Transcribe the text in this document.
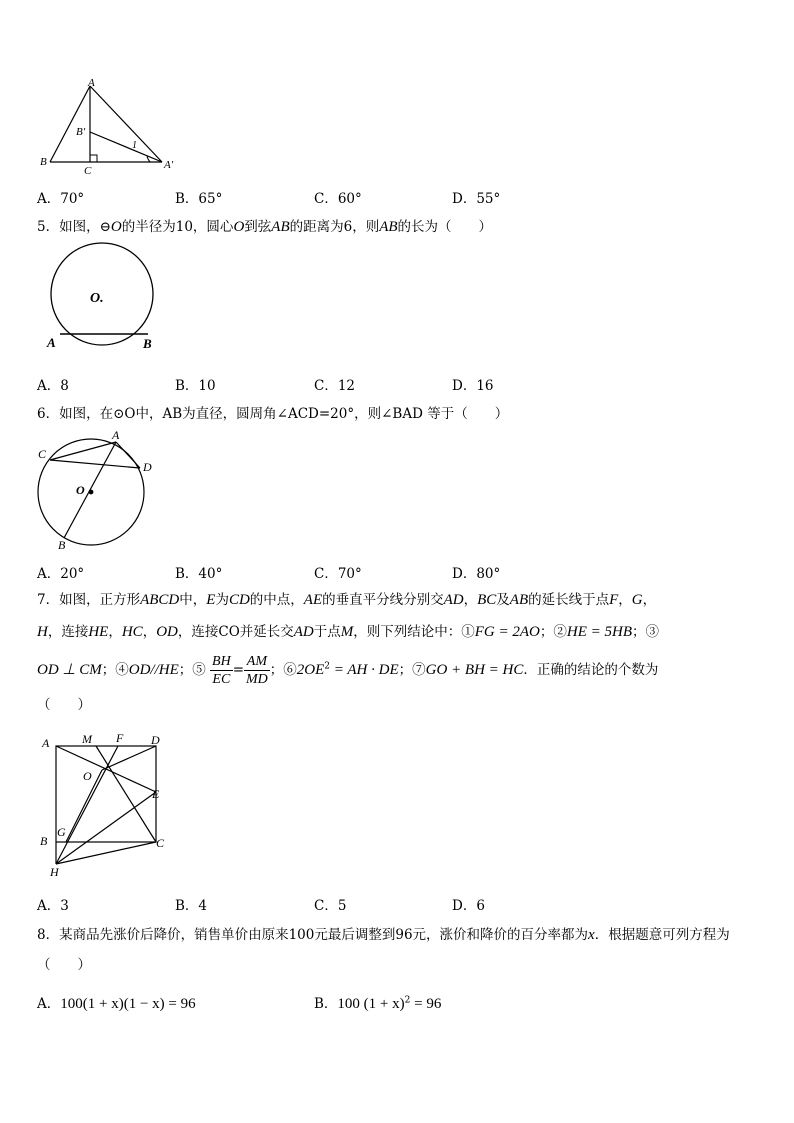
A
B
B′
C	A′
1
A．70°	B．65°	C．60°	D．55°
5．如图，⊖O的半径为10，圆心O到弦AB的距离为6，则AB的长为（　　）
O.
A	B
A．8	B．10	C．12	D．16
6．如图，在⊙O中，AB为直径，圆周角∠ACD=20°，则∠BAD 等于（　　）
A
C
D
O
B
A．20°	B．40°	C．70°	D．80°
7．如图，正方形ABCD中，E为CD的中点，AE的垂直平分线分别交AD，BC及AB的延长线于点F，G，
H，连接HE，HC，OD，连接CO并延长交AD于点M，则下列结论中：①FG = 2AO；②HE = 5HB；③
OD ⊥ CM；④OD//HE；⑤ $\frac{BH}{EC} = \frac{AM}{MD}$ ；$⑥2OE^2$ = AH · DE；⑦GO + BH = HC．正确的结论的个数为
（　　）
A	M F D
O
E
B
G
C
H
A．3	B．4	C．5	D．6
8．某商品先涨价后降价，销售单价由原来100元最后调整到96元，涨价和降价的百分率都为x．根据题意可列方程为
（　　）
A．100(1 + x)(1 − x) = 96	B．100 $(1 + x)^2 = 96$
